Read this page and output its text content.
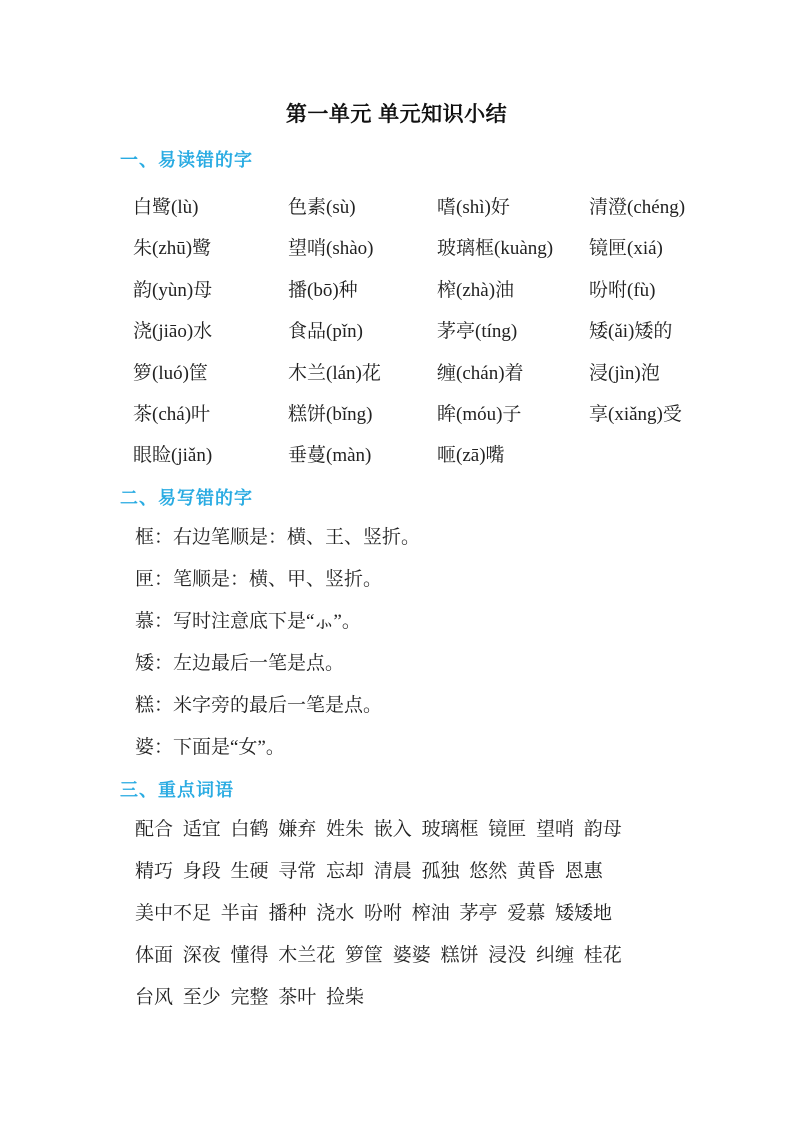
第一单元 单元知识小结
一、易读错的字
白鹭(lù)	色素(sù)	嗜(shì)好	清澄(chéng)
朱(zhū)鹭	望哨(shào)	玻璃框(kuàng)	镜匣(xiá)
韵(yùn)母	播(bō)种	榨(zhà)油	吩咐(fù)
浇(jiāo)水	食品(pǐn)	茅亭(tíng)	矮(ǎi)矮的
箩(luó)筐	木兰(lán)花	缠(chán)着	浸(jìn)泡
茶(chá)叶	糕饼(bǐng)	眸(móu)子	享(xiǎng)受
眼睑(jiǎn)	垂蔓(màn)	咂(zā)嘴
二、易写错的字
框：右边笔顺是：横、王、竖折。
匣：笔顺是：横、甲、竖折。
慕：写时注意底下是“⺗”。
矮：左边最后一笔是点。
糕：米字旁的最后一笔是点。
婆：下面是“女”。
三、重点词语
配合 适宜 白鹤 嫌弃 姓朱 嵌入 玻璃框 镜匣 望哨 韵母
精巧 身段 生硬 寻常 忘却 清晨 孤独 悠然 黄昏 恩惠
美中不足 半亩 播种 浇水 吩咐 榨油 茅亭 爱慕 矮矮地
体面 深夜 懂得 木兰花 箩筐 婆婆 糕饼 浸没 纠缠 桂花
台风 至少 完整 茶叶 捡柴
